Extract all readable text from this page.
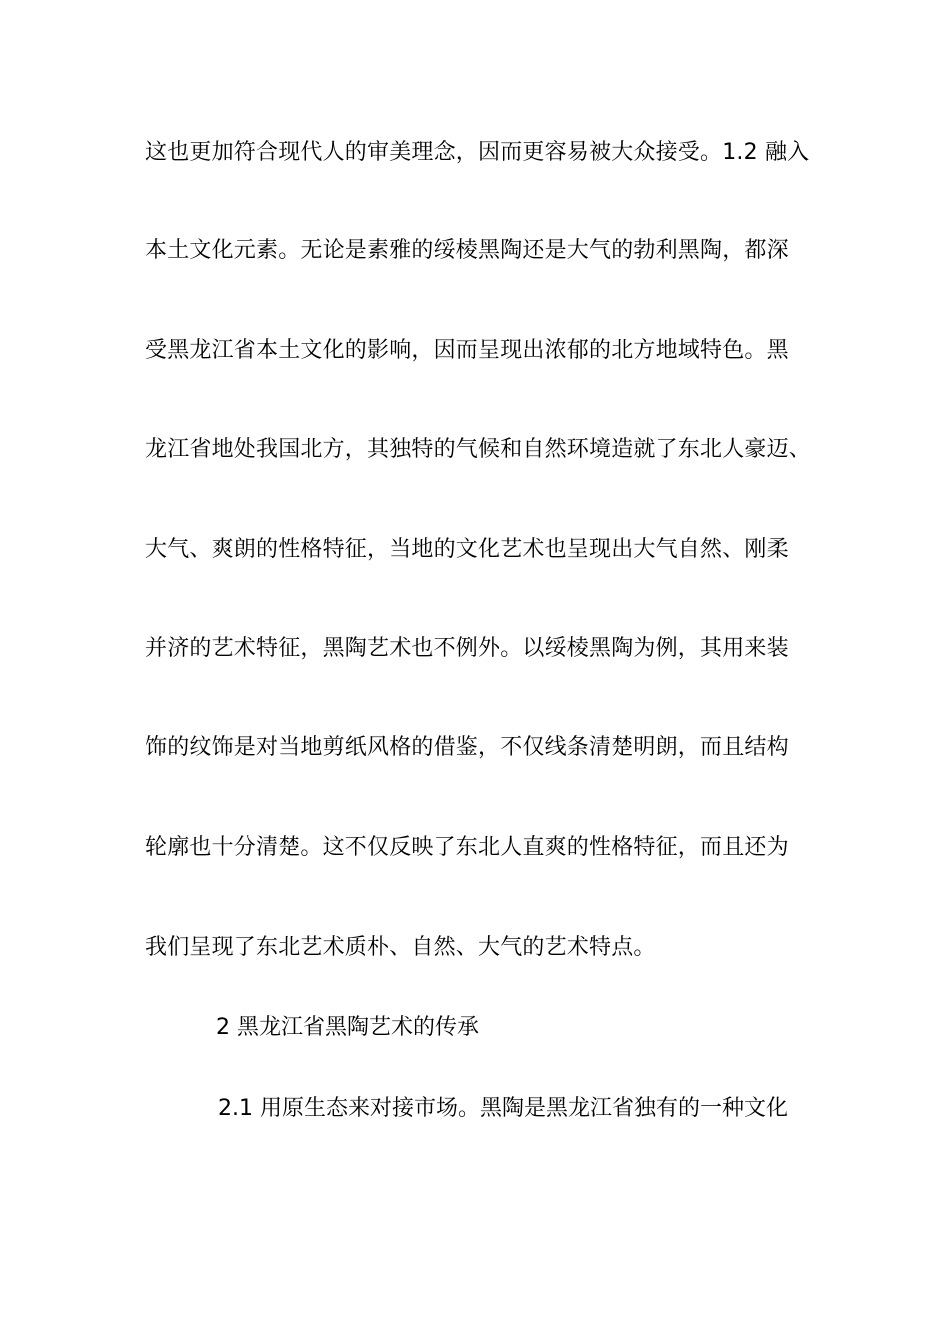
这也更加符合现代人的审美理念，因而更容易被大众接受。1.2 融入
本土文化元素。无论是素雅的绥棱黑陶还是大气的勃利黑陶，都深
受黑龙江省本土文化的影响，因而呈现出浓郁的北方地域特色。黑
龙江省地处我国北方，其独特的气候和自然环境造就了东北人豪迈、
大气、爽朗的性格特征，当地的文化艺术也呈现出大气自然、刚柔
并济的艺术特征，黑陶艺术也不例外。以绥棱黑陶为例，其用来装
饰的纹饰是对当地剪纸风格的借鉴，不仅线条清楚明朗，而且结构
轮廓也十分清楚。这不仅反映了东北人直爽的性格特征，而且还为
我们呈现了东北艺术质朴、自然、大气的艺术特点。
2 黑龙江省黑陶艺术的传承
2.1 用原生态来对接市场。黑陶是黑龙江省独有的一种文化
